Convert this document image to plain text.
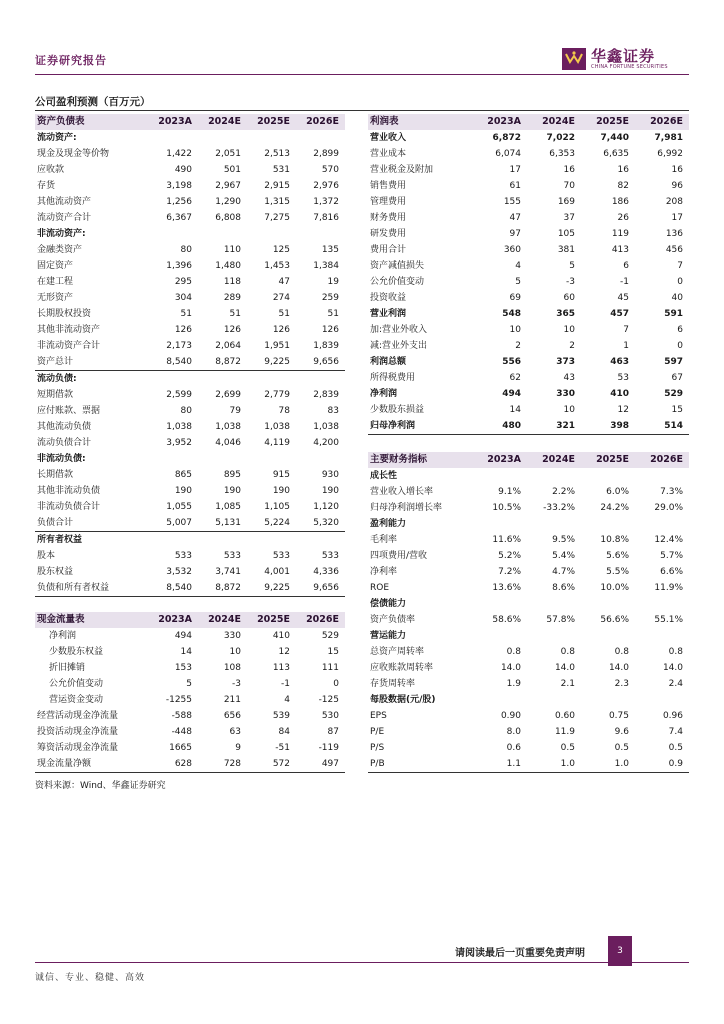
证券研究报告	华鑫证券
CHINA FORTUNE SECURITIES
公司盈利预测（百万元）
资产负债表	2023A	2024E	2025E	2026E
流动资产:				
现金及现金等价物	1,422	2,051	2,513	2,899
应收款	490	501	531	570
存货	3,198	2,967	2,915	2,976
其他流动资产	1,256	1,290	1,315	1,372
流动资产合计	6,367	6,808	7,275	7,816
非流动资产:				
金融类资产	80	110	125	135
固定资产	1,396	1,480	1,453	1,384
在建工程	295	118	47	19
无形资产	304	289	274	259
长期股权投资	51	51	51	51
其他非流动资产	126	126	126	126
非流动资产合计	2,173	2,064	1,951	1,839
资产总计	8,540	8,872	9,225	9,656
流动负债:				
短期借款	2,599	2,699	2,779	2,839
应付账款、票据	80	79	78	83
其他流动负债	1,038	1,038	1,038	1,038
流动负债合计	3,952	4,046	4,119	4,200
非流动负债:				
长期借款	865	895	915	930
其他非流动负债	190	190	190	190
非流动负债合计	1,055	1,085	1,105	1,120
负债合计	5,007	5,131	5,224	5,320
所有者权益				
股本	533	533	533	533
股东权益	3,532	3,741	4,001	4,336
负债和所有者权益	8,540	8,872	9,225	9,656
利润表	2023A	2024E	2025E	2026E
营业收入	6,872	7,022	7,440	7,981
营业成本	6,074	6,353	6,635	6,992
营业税金及附加	17	16	16	16
销售费用	61	70	82	96
管理费用	155	169	186	208
财务费用	47	37	26	17
研发费用	97	105	119	136
费用合计	360	381	413	456
资产减值损失	4	5	6	7
公允价值变动	5	-3	-1	0
投资收益	69	60	45	40
营业利润	548	365	457	591
加:营业外收入	10	10	7	6
减:营业外支出	2	2	1	0
利润总额	556	373	463	597
所得税费用	62	43	53	67
净利润	494	330	410	529
少数股东损益	14	10	12	15
归母净利润	480	321	398	514
主要财务指标	2023A	2024E	2025E	2026E
成长性				
营业收入增长率	9.1%	2.2%	6.0%	7.3%
归母净利润增长率	10.5%	-33.2%	24.2%	29.0%
盈利能力				
毛利率	11.6%	9.5%	10.8%	12.4%
四项费用/营收	5.2%	5.4%	5.6%	5.7%
净利率	7.2%	4.7%	5.5%	6.6%
ROE	13.6%	8.6%	10.0%	11.9%
偿债能力				
资产负债率	58.6%	57.8%	56.6%	55.1%
营运能力				
总资产周转率	0.8	0.8	0.8	0.8
应收账款周转率	14.0	14.0	14.0	14.0
存货周转率	1.9	2.1	2.3	2.4
每股数据(元/股)				
EPS	0.90	0.60	0.75	0.96
P/E	8.0	11.9	9.6	7.4
P/S	0.6	0.5	0.5	0.5
P/B	1.1	1.0	1.0	0.9
现金流量表	2023A	2024E	2025E	2026E
净利润	494	330	410	529
少数股东权益	14	10	12	15
折旧摊销	153	108	113	111
公允价值变动	5	-3	-1	0
营运资金变动	-1255	211	4	-125
经营活动现金净流量	-588	656	539	530
投资活动现金净流量	-448	63	84	87
筹资活动现金净流量	1665	9	-51	-119
现金流量净额	628	728	572	497
资料来源：Wind、华鑫证券研究
请阅读最后一页重要免责声明	3
诚信、专业、稳健、高效
